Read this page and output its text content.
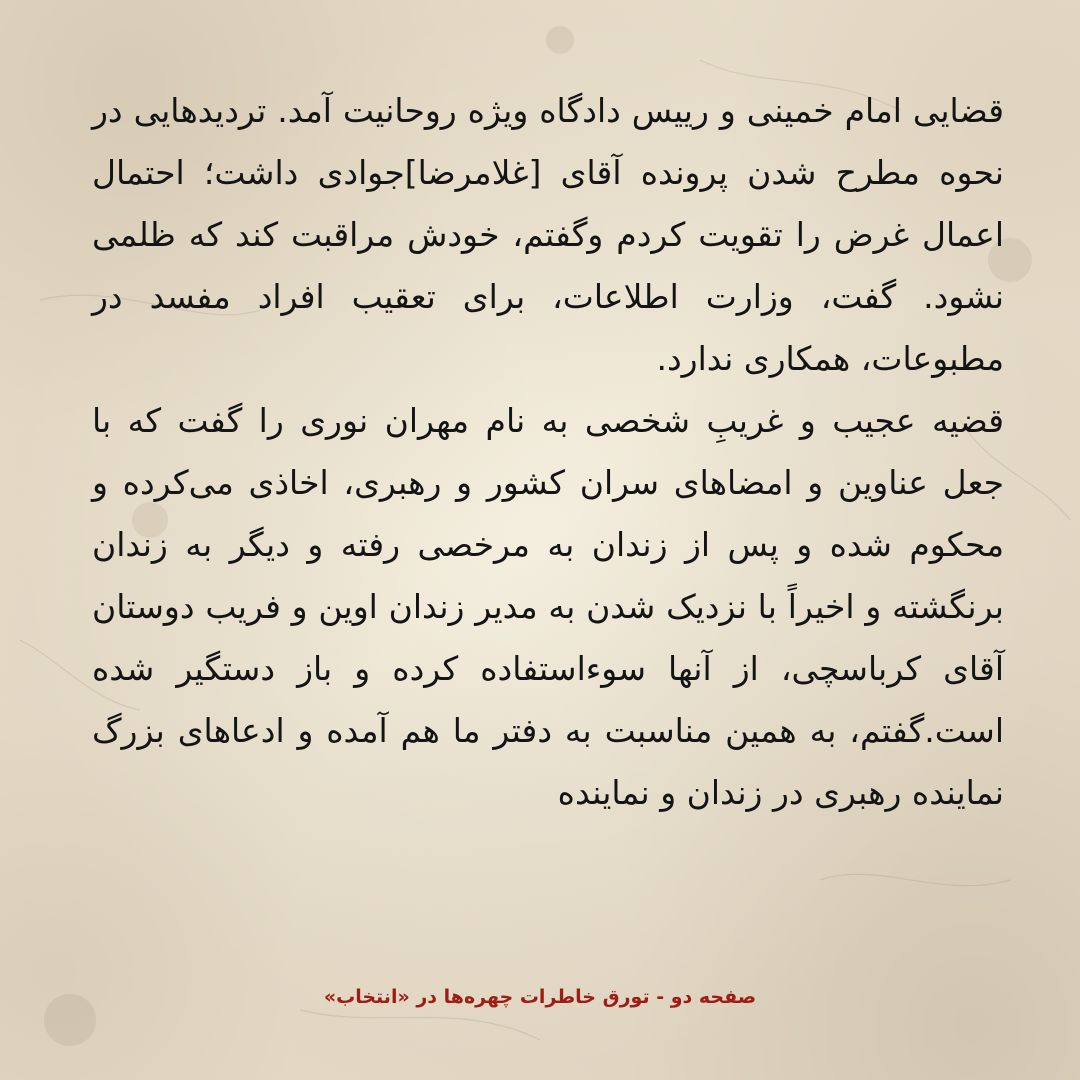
قضایی امام خمینی و رییس دادگاه ویژه روحانیت آمد. تردیدهایی در نحوه مطرح شدن پرونده آقای [غلامرضا]جوادی داشت؛ احتمال اعمال غرض را تقویت کردم وگفتم، خودش مراقبت کند که ظلمی نشود. گفت، وزارت اطلاعات، برای تعقیب افراد مفسد در مطبوعات، همکاری ندارد.
قضیه عجیب و غریبِ شخصی به نام مهران نوری را گفت که با جعل عناوین و امضاهای سران کشور و رهبری، اخاذی می‌کرده و محکوم شده و پس از زندان به مرخصی رفته و دیگر به زندان برنگشته و اخیراً با نزدیک شدن به مدیر زندان اوین و فریب دوستان آقای کرباسچی، از آنها سوءاستفاده کرده و باز دستگیر شده است.گفتم، به همین مناسبت به دفتر ما هم آمده و ادعاهای بزرگ نماینده رهبری در زندان و نماینده
صفحه دو - تورق خاطرات چهره‌ها در «انتخاب»
